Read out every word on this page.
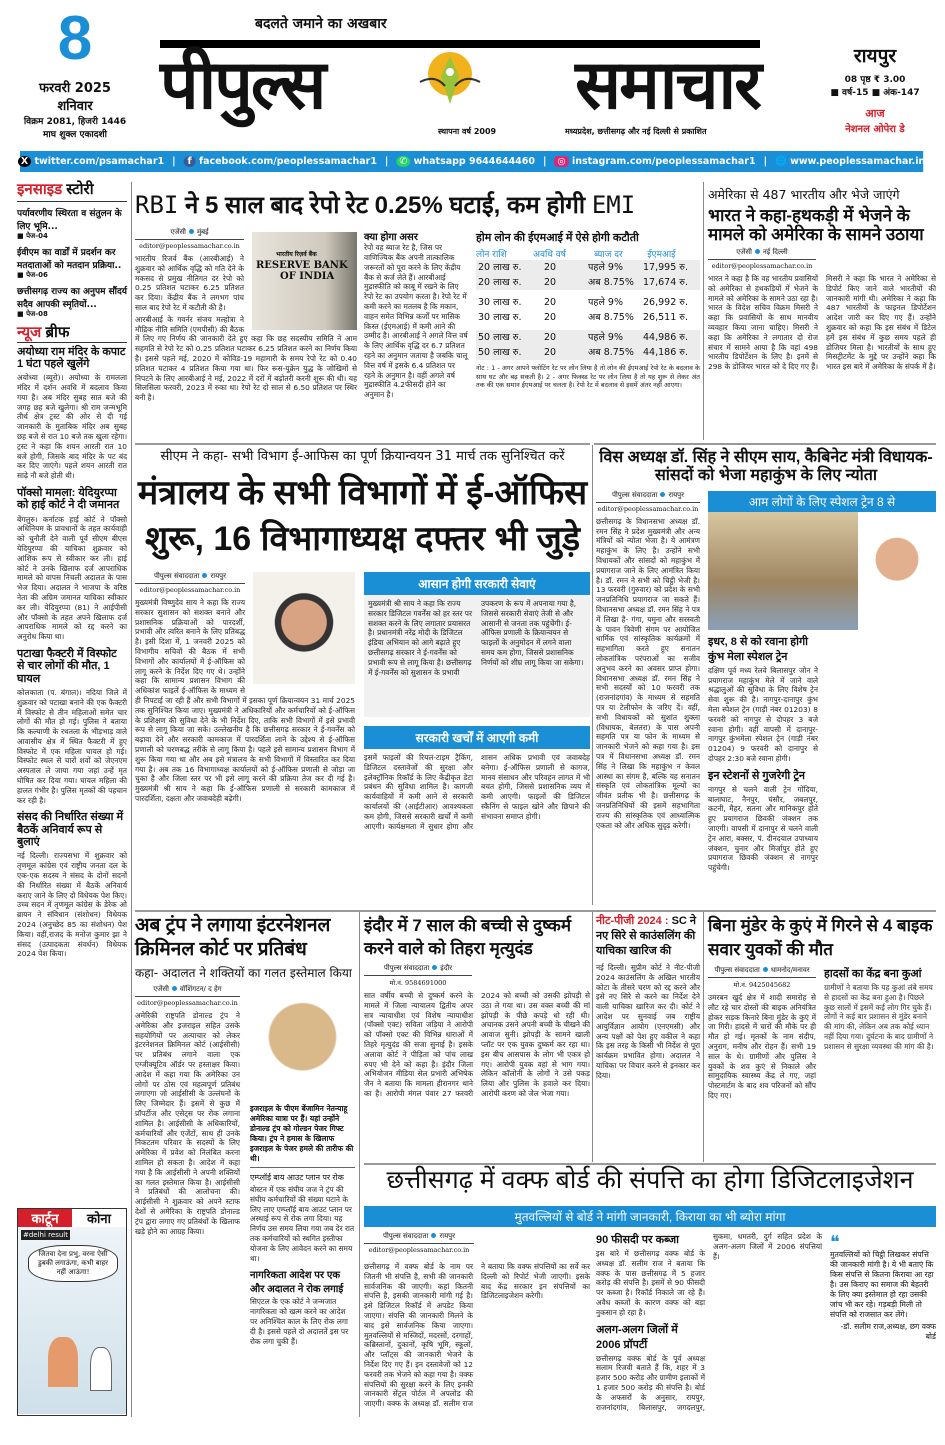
8
फरवरी 2025
शनिवार
विक्रम 2081, हिजरी 1446
माघ शुक्ल एकादशी
बदलते जमाने का अखबार
पीपुल्स	समाचार
स्थापना वर्ष 2009	मध्यप्रदेश, छत्तीसगढ़ और नई दिल्ली से प्रकाशित
रायपुर
08 पृष्ठ ₹ 3.00
■ वर्ष-15 ■ अंक-147
आज
नेशनल ओपेरा डे
X twitter.com/psamachar1 |	f facebook.com/peoplessamachar1 |	✆ whatsapp 9644644460 |	◎ instagram.com/peoplessamachar1 | 🌐 www.peoplessamachar.in
इनसाइड स्टोरी
पर्यावरणीय स्थिरता व संतुलन के लिए भूमि...
■ पेज-04
ईवीएम का वार्डों में प्रदर्शन कर मतदाताओं को मतदान प्रक्रिया..
■ पेज-06
छत्तीसगढ़ राज्य का अनुपम सौंदर्य सदैव आपकी स्मृतियों...
■ पेज-08
न्यूज ब्रीफ
अयोध्या राम मंदिर के कपाट 1 घंटा पहले खुलेंगे
अयोध्या (ब्यूरो)। अयोध्या के रामलला मंदिर में दर्शन अवधि में बदलाव किया गया है। अब मंदिर सुबह सात बजे की जगह छह बजे खुलेगा। श्री राम जन्मभूमि तीर्थ क्षेत्र ट्रस्ट की ओर से दी गई जानकारी के मुताबिक मंदिर अब सुबह छह बजे से रात 10 बजे तक खुला रहेगा। ट्रस्ट ने कहा कि शयन आरती रात 10 बजे होगी, जिसके बाद मंदिर के पट बंद कर दिए जाएंगे। पहले शयन आरती रात साढ़े नौ बजे होती थी।
पॉक्सो मामला: येदियुरप्पा को हाई कोर्ट ने दी जमानत
बेंगलुरु। कर्नाटक हाई कोर्ट ने पॉक्सो अधिनियम के प्रावधानों के तहत कार्यवाही को चुनौती देने वाली पूर्व सीएम बीएस येदियुरप्पा की याचिका शुक्रवार को आंशिक रूप से स्वीकार कर ली। हाई कोर्ट ने उनके खिलाफ दर्ज आपराधिक मामले को वापस निचली अदालत के पास भेज दिया। अदालत ने भाजपा के वरिष्ठ नेता की अग्रिम जमानत याचिका स्वीकार कर ली। येदियुरप्पा (81) ने आईपीसी और पॉक्सो के तहत अपने खिलाफ दर्ज आपराधिक मामले को रद्द करने का अनुरोध किया था।
पटाखा फैक्टरी में विस्फोट से चार लोगों की मौत, 1 घायल
कोलकाता (प. बंगाल)। नदिया जिले में शुक्रवार को पटाखा बनाने की एक फैक्टरी में विस्फोट से तीन महिलाओं समेत चार लोगों की मौत हो गई। पुलिस ने बताया कि कल्याणी के रथतला के भीड़भाड़ वाले आवासीय क्षेत्र में स्थित फैक्टरी में हुए विस्फोट में एक महिला घायल हो गई। विस्फोट स्थल से चारों शवों को जेएनएम अस्पताल ले जाया गया जहां उन्हें मृत घोषित कर दिया गया। घायल महिला की हालत गंभीर है। पुलिस मृतकों की पहचान कर रही है।
संसद की निर्धारित संख्या में बैठकें अनिवार्य रूप से बुलाएं
नई दिल्ली। राज्यसभा में शुक्रवार को तृणमूल कांग्रेस एवं राष्ट्रीय जनता दल के एक-एक सदस्य ने संसद के दोनों सदनों की निर्धारित संख्या में बैठकें अनिवार्य कराए जाने के लिए दो विधेयक पेश किए। उच्च सदन में तृणमूल कांग्रेस के डेरेक ओ ब्रायन ने संविधान (संशोधन) विधेयक 2024 (अनुच्छेद 85 का संशोधन) पेश किया। वहीं,राजद के मनोज कुमार झा ने संसद (उत्पादकता संवर्धन) विधेयक 2024 पेश किया।
कार्टून	कोना
#delhi result
जितवा देना प्रभु, वरना ऐसी डुबकी लगाऊंगा, कभी बाहर नहीं आऊंगा!
RBI ने 5 साल बाद रेपो रेट 0.25% घटाई, कम होगी EMI
भारतीय रिज़र्व बैंक
RESERVE BANK
OF INDIA
एजेंसी मुंबई
editor@peoplessamachar.co.in
भारतीय रिजर्व बैंक (आरबीआई) ने शुक्रवार को आर्थिक वृद्धि को गति देने के मकसद से प्रमुख नीतिगत दर रेपो को 0.25 प्रतिशत घटाकर 6.25 प्रतिशत कर दिया। केंद्रीय बैंक ने लगभग पांच साल बाद रेपो रेट में कटौती की है।
आरबीआई के गवर्नर संजय मल्होत्रा ने मौद्रिक नीति समिति (एमपीसी) की बैठक में लिए गए निर्णय की जानकारी देते हुए कहा कि छह सदस्यीय समिति ने आम सहमति से रेपो रेट को 0.25 प्रतिशत घटाकर 6.25 प्रतिशत करने का निर्णय किया है। इससे पहले मई, 2020 में कोविड-19 महामारी के समय रेपो रेट को 0.40 प्रतिशत घटाकर 4 प्रतिशत किया गया था। फिर रूस-यूक्रेन युद्ध के जोखिमों से निपटने के लिए आरबीआई ने मई, 2022 में दरों में बढ़ोतरी करनी शुरू की थी। यह सिलसिला फरवरी, 2023 में रुका था। रेपो रेट दो साल से 6.50 प्रतिशत पर स्थिर बनी है।
क्या होगा असर
रेपो वह ब्याज रेट है, जिस पर वाणिज्यिक बैंक अपनी तात्कालिक जरूरतों को पूरा करने के लिए केंद्रीय बैंक से कर्ज लेते हैं। आरबीआई मुद्रास्फीति को काबू में रखने के लिए रेपो रेट का उपयोग करता है। रेपो रेट में कमी करने का मतलब है कि मकान, वाहन समेत विभिन्न कर्जों पर मासिक किस्त (ईएमआई) में कमी आने की उम्मीद है। आरबीआई ने अगले वित्त वर्ष के लिए आर्थिक वृद्धि दर 6.7 प्रतिशत रहने का अनुमान जताया है जबकि चालू वित्त वर्ष में इसके 6.4 प्रतिशत पर रहने के अनुमान है। वहीं अगले वर्ष मुद्रास्फीति 4.2फीसदी होने का अनुमान है।
होम लोन की ईएमआई में ऐसे होगी कटौती
लोन राशि	अवधि वर्ष	ब्याज दर	ईएमआई
20 लाख रु.	20	पहले 9%	17,995 रु.
20 लाख रु.	20	अब 8.75% 17,674 रु.
30 लाख रु.	20	पहले 9%	26,992 रु.
30 लाख रु.	20	अब 8.75% 26,511 रु.
50 लाख रु.	20	पहले 9%	44,986 रु.
50 लाख रु.	20	अब 8.75% 44,186 रु.
नोट : 1 - अगर आपने फ्लोटिंग रेट पर लोन लिया है तो लोन की ईएमआई रेपो रेट के बदलाव के साथ घट और बढ़ सकती है। 2 - अगर फिक्स्ड रेट पर लोन लिया है तो यह शुरू से लेकर अंत तक की एक समान ईएमआई पर चलता है। रेपो रेट में बदलाव से इसमें अंतर नहीं आएगा।
अमेरिका से 487 भारतीय और भेजे जाएंगे
भारत ने कहा-हथकड़ी में भेजने के मामले को अमेरिका के सामने उठाया
एजेंसी नई दिल्ली
editor@peoplessamachar.co.in
भारत ने कहा है कि वह भारतीय प्रवासियों को अमेरिका से हथकड़ियों में भेजने के मामले को अमेरिका के सामने उठा रहा है। भारत के विदेश सचिव विक्रम मिसरी ने कहा कि प्रवासियों के साथ मानवीय व्यवहार किया जाना चाहिए। मिसरी ने कहा कि अमेरिका ने लगातार दो रोज संचार में सामने आया है कि वहां 498 भारतीय डिपोर्टेशन के लिए है। इनमें से 298 के डोजियर भारत को दे दिए गए हैं। मिसरी ने कहा कि भारत ने अमेरिका से डिपोर्ट किए जाने वाले भारतीयों की जानकारी मांगी थी। अमेरिका ने कहा कि 487 भारतीयों के फाइनल डिपोर्टेशन आदेश जारी कर दिए गए हैं। उन्होंने शुक्रवार को कहा कि इस संबंध में डिटेल हमें इस संबंध में कुछ समय पहले ही डोजियर मिला है। भारतीयों के साथ हुए मिसट्रीटमेंट के मुद्दे पर उन्होंने कहा कि भारत इस बारे में अमेरिका के संपर्क में है।
सीएम ने कहा- सभी विभाग ई-आफिस का पूर्ण क्रियान्वयन 31 मार्च तक सुनिश्चित करें
मंत्रालय के सभी विभागों में ई-ऑफिस
शुरू, 16 विभागाध्यक्ष दफ्तर भी जुड़े
पीपुल्स संवाददाता रायपुर
editor@peoplessamachar.co.in
मुख्यमंत्री विष्णुदेव साय ने कहा कि राज्य सरकार सुशासन को सशक्त बनाने और प्रशासनिक प्रक्रियाओं को पारदर्शी, प्रभावी और त्वरित बनाने के लिए प्रतिबद्ध है। इसी दिशा में, 1 जनवरी 2025 को विभागीय सचिवों की बैठक में सभी विभागों और कार्यालयों में ई-ऑफिस को लागू करने के निर्देश दिए गए थे। उन्होंने कहा कि सामान्य प्रशासन विभाग की अधिकांश फाइलें ई-ऑफिस के माध्यम से ही निपटाई जा रही हैं और सभी विभागों में इसका पूर्ण क्रियान्वयन 31 मार्च 2025 तक सुनिश्चित किया जाए। मुख्यमंत्री ने अधिकारियों और कर्मचारियों को ई-ऑफिस के प्रशिक्षण की सुविधा देने के भी निर्देश दिए, ताकि सभी विभागों में इसे प्रभावी रूप से लागू किया जा सके। उल्लेखनीय है कि छत्तीसगढ़ सरकार ने ई-गवर्नेंस को बढ़ावा देने और सरकारी कामकाज में पारदर्शिता लाने के उद्देश्य से ई-ऑफिस प्रणाली को चरणबद्ध तरीके से लागू किया है। पहले इसे सामान्य प्रशासन विभाग में शुरू किया गया था और अब इसे मंत्रालय के सभी विभागों में विस्तारित कर दिया गया है। अब तक 16 विभागाध्यक्ष कार्यालयों को ई-ऑफिस प्रणाली से जोड़ा जा चुका है और जिला स्तर पर भी इसे लागू करने की प्रक्रिया तेज कर दी गई है। मुख्यमंत्री श्री साय ने कहा कि ई-ऑफिस प्रणाली से सरकारी कामकाज में पारदर्शिता, दक्षता और जवाबदेही बढ़ेगी।
आसान होगी सरकारी सेवाएं
मुख्यमंत्री श्री साय ने कहा कि राज्य सरकार डिजिटल गवर्नेंस को हर स्तर पर सशक्त करने के लिए लगातार प्रयासरत है। प्रधानमंत्री नरेंद्र मोदी के डिजिटल इंडिया अभियान को आगे बढ़ाते हुए छत्तीसगढ़ सरकार ने ई-गवर्नेंस को प्रभावी रूप से लागू किया है। छत्तीसगढ़ में ई-गवर्नेंस को सुशासन के प्रभावी उपकरण के रूप में अपनाया गया है, जिससे सरकारी सेवाएं तेजी से और आसानी से जनता तक पहुंचेंगी। ई-ऑफिस प्रणाली के क्रियान्वयन से फाइलों के अनुमोदन में लगने वाला समय कम होगा, जिससे प्रशासनिक निर्णयों को शीघ्र लागू किया जा सकेगा।
सरकारी खर्चों में आएगी कमी
इसमें फाइलों की रियल-टाइम ट्रैकिंग, डिजिटल दस्तावेजों की सुरक्षा और इलेक्ट्रॉनिक रिकॉर्ड के लिए केंद्रीकृत डेटा प्रबंधन की सुविधा शामिल है। कागजी कार्यवाहियों में कमी आने से सरकारी कार्यालयों की (आईटीआर) आवश्यकता कम होगी, जिससे सरकारी खर्चों में कमी आएगी। कार्यक्षमता में सुधार होगा और शासन अधिक प्रभावी एवं जवाबदेह बनेगा। ई-ऑफिस प्रणाली से कागज, मानव संसाधन और परिवहन लागत में भी बचत होगी, जिससे प्रशासनिक व्यय में कमी आएगी। फाइलों की डिजिटल स्कैनिंग से फाइल खोने और छिपाने की संभावना समाप्त होगी।
विस अध्यक्ष डॉ. सिंह ने सीएम साय, कैबिनेट मंत्री विधायक-सांसदों को भेजा महाकुंभ के लिए न्योता
पीपुल्स संवाददाता रायपुर
editor@peoplessamachar.co.in
छत्तीसगढ़ के विधानसभा अध्यक्ष डॉ. रमन सिंह ने प्रदेश मुख्यमंत्री और अन्य मंत्रियों को न्योता भेजा है। ये आमंत्रण महाकुंभ के लिए है। उन्होंने सभी विधायकों और सांसदों को महाकुंभ में प्रयागराज जाने के लिए आमंत्रित किया है। डॉ. रमन ने सभी को चिट्ठी भेजी है। 13 फरवरी (गुरुवार) को प्रदेश के सभी जनप्रतिनिधि प्रयागराज जा सकते हैं। विधानसभा अध्यक्ष डॉ. रमन सिंह ने पत्र में लिखा है- गंगा, यमुना और सरस्वती के पावन त्रिवेणी संगम पर आयोजित धार्मिक एवं सांस्कृतिक कार्यक्रमों में सहभागिता करते हुए सनातन लोकतांत्रिक परंपराओं का सजीव अनुभव करने का अवसर प्राप्त होगा। विधानसभा अध्यक्ष डॉ. रमन सिंह ने सभी सदस्यों को 10 फरवरी तक (राजनांदगांव) के माध्यम से सहमति पत्र या टेलीफोन के जरिए दें। वहीं, सभी विधायकों को सुशांत शुक्ला (विधायक, बेलतरा) के पास अपनी सहमति पत्र या फोन के माध्यम से जानकारी भेजने को कहा गया है। इस पत्र में विधानसभा अध्यक्ष डॉ. रमन सिंह ने लिखा कि महाकुंभ न केवल आस्था का संगम है, बल्कि यह सनातन संस्कृति एवं लोकतांत्रिक मूल्यों का जीवंत प्रतीक भी है। छत्तीसगढ़ के जनप्रतिनिधियों की इसमें सहभागिता राज्य की सांस्कृतिक एवं आध्यात्मिक एकता को और अधिक सुदृढ़ करेगी।
आम लोगों के लिए स्पेशल ट्रेन 8 से
इधर, 8 से को रवाना होगी कुंभ मेला स्पेशल ट्रेन
दक्षिण पूर्व मध्य रेलवे बिलासपुर जोन ने प्रयागराज महाकुंभ मेले में जाने वाले श्रद्धालुओं की सुविधा के लिए विशेष ट्रेन सेवा शुरू की है। नागपुर-दानापुर कुंभ मेला स्पेशल ट्रेन (गाड़ी नंबर 01203) 8 फरवरी को नागपुर से दोपहर 3 बजे रवाना होगी। वहीं वापसी में दानापुर-नागपुर कुंभमेला स्पेशल ट्रेन (गाड़ी नंबर 01204) 9 फरवरी को दानापुर से दोपहर 2:30 बजे रवाना होगी।
इन स्टेशनों से गुजरेगी ट्रेन
नागपुर से चलने वाली ट्रेन गोंदिया, बालाघाट, नैनपुर, घंसौर, जबलपुर, कटनी, मैहर, सतना और मानिकपुर होते हुए प्रयागराज छिवकी जंक्शन तक जाएगी। वापसी में दानापुर से चलने वाली ट्रेन आरा, बक्सर, पं. दीनदयाल उपाध्याय जंक्शन, चुनार और मिर्जापुर होते हुए प्रयागराज छिवकी जंक्शन से नागपुर पहुंचेगी।
अब ट्रंप ने लगाया इंटरनेशनल क्रिमिनल कोर्ट पर प्रतिबंध
कहा- अदालत ने शक्तियों का गलत इस्तेमाल किया
एजेंसी वॉशिंगटन/ द हेग
editor@peoplessamachar.co.in
अमेरिकी राष्ट्रपति डोनाल्ड ट्रंप ने अमेरिका और इजराइल सहित उसके सहयोगियों पर अत्याचार को लेकर इंटरनेशनल क्रिमिनल कोर्ट (आईसीसी) पर प्रतिबंध लगाने वाला एक एग्जीक्यूटिव ऑर्डर पर हस्ताक्षर किया। आदेश में कहा गया कि अमेरिका उन लोगों पर ठोस एवं महत्वपूर्ण प्रतिबंध लगाएगा जो आईसीसी के उल्लंघनों के लिए जिम्मेदार हैं। इसमें से कुछ में प्रॉपर्टीज और एसेट्स पर रोक लगाना शामिल है। आईसीसी के अधिकारियों, कर्मचारियों और एजेंटों, साथ ही उनके निकटतम परिवार के सदस्यों के लिए अमेरिका में प्रवेश को निलंबित करना शामिल हो सकता है। आदेश में कहा गया है कि आईसीसी ने अपनी शक्तियों का गलत इस्तेमाल किया है। आईसीसी ने प्रतिबंधों की आलोचना की। आईसीसी ने शुक्रवार को अपने स्टाफ देशों से अमेरिका के राष्ट्रपति डोनाल्ड ट्रंप द्वारा लगाए गए प्रतिबंधों के खिलाफ खड़े होने का आग्रह किया।
इजराइल के पीएम बेंजामिन नेतन्याहू अमेरिका यात्रा पर हैं। यहां उन्होंने डोनाल्ड ट्रंप को गोल्डन पेजर गिफ्ट किया। ट्रंप ने हमास के खिलाफ इजराइल के पेजर हमले की तारीफ की थी।
एम्प्लॉई बाय आउट प्लान पर रोक
बोस्टन में एक संघीय जज ने ट्रंप की संघीय कर्मचारियों की संख्या घटाने के लिए लाए एम्प्लॉई बाय आउट प्लान पर अस्थाई रूप से रोक लगा दिया। यह निर्णय उस समय लिया गया जब देर रात तक कर्मचारियों को स्थगित इस्तीफा योजना के लिए आवेदन करने का समय था।
नागरिकता आदेश पर एक और अदालत ने रोक लगाई
सिएटल के एक कोर्ट ने जन्मजात नागरिकता को खत्म करने का आदेश पर अनिश्चित काल के लिए रोक लगा दी है। इससे पहले दो अदालतें इस पर रोक लगा चुकी हैं।
इंदौर में 7 साल की बच्ची से दुष्कर्म करने वाले को तिहरा मृत्युदंड
पीपुल्स संवाददाता इंदौर
मो.नं. 9584691000
सात वर्षीय बच्ची से दुष्कर्म करने के मामले में जिला न्यायालय द्वितीय अपर सत्र न्यायाधीश एवं विशेष न्यायाधीश (पॉक्सो एक्ट) सविता जड़िया ने आरोपी को पॉक्सो एक्ट की विभिन्न धाराओं में तिहरे मृत्युदंड की सजा सुनाई है। इसके अलावा कोर्ट ने पीड़िता को पांच लाख रुपए भी देने को कहा है। इंदौर जिला अभियोजन मीडिया सेल प्रभारी अभिषेक जैन ने बताया कि मामला हीरानगर थाने का है। आरोपी मंगल पंवार 27 फरवरी 2024 को बच्ची को उसकी झोपड़ी से उठा ले गया था। उस वक्त बच्ची की मां झोपड़ी के पीछे कपड़े धो रही थी। अचानक उसने अपनी बच्ची के चीखने की आवाज सुनी। झोपड़ी के सामने खाली प्लॉट पर एक युवक दुष्कर्म कर रहा था। इस बीच आसपास के लोग भी एकत्र हो गए। आरोपी युवक वहां से भाग गया। लेकिन कॉलोनी के लोगों ने उसे पकड़ लिया और पुलिस के हवाले कर दिया। आरोपी करण को जेल भेजा गया।
नीट-पीजी 2024 : SC ने नए सिरे से काउंसलिंग की याचिका खारिज की
नई दिल्ली। सुप्रीम कोर्ट ने नीट-पीजी 2024 काउंसलिंग के अखिल भारतीय कोटा के तीसरे चरण को रद्द करने और इसे नए सिरे से करने का निर्देश देने वाली याचिका खारिज कर दी। कोर्ट ने आदेश पर सुनवाई जब राष्ट्रीय आयुर्विज्ञान आयोग (एनएमसी) और अन्य पक्षों को पेश हुए वकील ने कहा कि इस तरह के किसी भी निर्देश से पूरा कार्यक्रम प्रभावित होगा। अदालत ने याचिका पर विचार करने से इनकार कर दिया।
बिना मुंडेर के कुएं में गिरने से 4 बाइक सवार युवकों की मौत
पीपुल्स संवाददाता धामनोद/मनावर
मो.नं. 9425045682
उमरबन खुर्द क्षेत्र में शादी समारोह से लौट रहे चार दोस्तों की बाइक अनियंत्रित होकर सड़क किनारे बिना मुंडेर के कुएं में जा गिरी। हादसे में चारों की मौके पर ही मौत हो गई। मृतकों के नाम संदीप, अनुराग, मनीष और रोहन हैं। सभी 19 साल के थे। ग्रामीणों और पुलिस ने युवकों के शव कुएं से निकाले और सामुदायिक स्वास्थ्य केंद्र ले गए, जहां पोस्टमार्टम के बाद शव परिजनों को सौंप दिए गए।
हादसों का केंद्र बना कुआं
ग्रामीणों ने बताया कि यह कुआं लंबे समय से हादसों का केंद्र बना हुआ है। पिछले कुछ सालों में इसमें कई लोग गिर चुके हैं। लोगों ने कई बार प्रशासन से मुंडेर बनाने की मांग की, लेकिन अब तक कोई ध्यान नहीं दिया गया। दुर्घटना के बाद ग्रामीणों ने प्रशासन से सुरक्षा व्यवस्था की मांग की है।
छत्तीसगढ़ में वक्फ बोर्ड की संपत्ति का होगा डिजिटलाइजेशन
मुतवल्लियों से बोर्ड ने मांगी जानकारी, किराया का भी ब्योरा मांगा
पीपुल्स संवाददाता रायपुर
editor@peoplessamachar.co.in
छत्तीसगढ़ में वक्फ बोर्ड के नाम पर जितनी भी संपत्ति है, सभी की जानकारी सार्वजनिक की जाएगी। कहां कितनी संपत्ति है, इसकी जानकारी मांगी गई है। इसे डिजिटल रिकॉर्ड में अपडेट किया जाएगा। संपत्ति की जानकारी मिलने के बाद इसे सार्वजनिक किया जाएगा। मुतवल्लियों से मस्जिदों, मदरसों, दरगाहों, कब्रिस्तानों, दुकानों, कृषि भूमि, स्कूलों, और प्लॉट्स की जानकारी भेजने के निर्देश दिए गए हैं। इन दस्तावेजों को 12 फरवरी तक भेजने को कहा गया है। वक्फ संपत्तियों की सुरक्षा करने के लिए इनकी जानकारी सेंट्रल पोर्टल में अपलोड की जाएगी। वक्फ के अध्यक्ष डॉ. सलीम राज ने बताया कि वक्फ संपत्तियों का सर्वे कर दिल्ली को रिपोर्ट भेजी जाएगी। इसके बाद केंद्र सरकार इन संपत्तियों का डिजिटलाइजेशन करेगी।
90 फीसदी पर कब्जा
इस बारे में छत्तीसगढ़ वक्फ बोर्ड के अध्यक्ष डॉ. सलीम राज ने बताया कि वक्फ के पास छत्तीसगढ़ में 5 हजार करोड़ की संपत्ति है। इसमें से 90 फीसदी पर कब्जा है। रिकॉर्ड निकाले जा रहे हैं। अवैध कब्जों के कारण वक्फ को बड़ा नुकसान हो रहा है।
अलग-अलग जिलों में 2006 प्रॉपर्टी
छत्तीसगढ़ वक्फ बोर्ड के पूर्व अध्यक्ष सलाम रिजवी बताते हैं कि, शहर में 3 हजार 500 करोड़ और ग्रामीण इलाकों में 1 हजार 500 करोड़ की संपत्ति है। बोर्ड के अफसरों के अनुसार, रायपुर, राजनांदगांव, बिलासपुर, जगदलपुर, सुकमा, धमतरी, दुर्ग सहित प्रदेश के अलग-अलग जिलों में 2006 संपत्तियां हैं।
❝
मुतवल्लियों को चिट्ठी लिखकर संपत्ति की जानकारी मांगी है। ये भी बताएं कि किस संपत्ति से कितना किराया आ रहा है। उस किराए का समाज की बेहतरी के लिए क्या इस्तेमाल हो रहा उसकी जांच भी कर रहे। गड़बड़ी मिली तो संपत्ति को राजसात कर लेंगे।
-डॉ. सलीम राज,अध्यक्ष, छग वक्फ बोर्ड
